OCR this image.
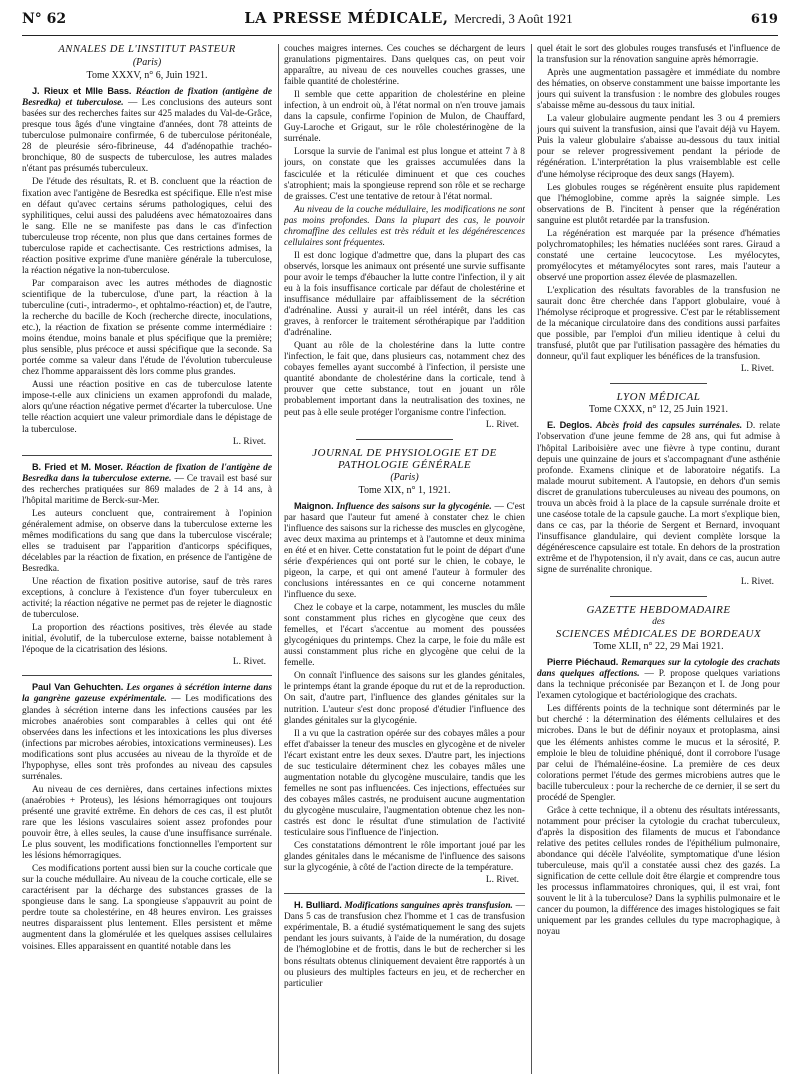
N° 62	LA PRESSE MÉDICALE, Mercredi, 3 Août 1921	619

ANNALES DE L'INSTITUT PASTEUR

(Paris)

Tome XXXV, n° 6, Juin 1921.

J. Rieux et Mlle Bass. Réaction de fixation (antigène de Besredka) et tuberculose. — Les conclusions des auteurs sont basées sur des recherches faites sur 425 malades du Val-de-Grâce, presque tous âgés d'une vingtaine d'années, dont 78 atteints de tuberculose pulmonaire confirmée, 6 de tuberculose péritonéale, 28 de pleurésie séro-fibrineuse, 44 d'adénopathie trachéo-bronchique, 80 de suspects de tuberculose, les autres malades n'étant pas présumés tuberculeux.

De l'étude des résultats, R. et B. concluent que la réaction de fixation avec l'antigène de Besredka est spécifique. Elle n'est mise en défaut qu'avec certains sérums pathologiques, celui des syphilitiques, celui aussi des paludéens avec hématozoaires dans le sang. Elle ne se manifeste pas dans le cas d'infection tuberculeuse trop récente, non plus que dans certaines formes de tuberculose rapide et cachectisante. Ces restrictions admises, la réaction positive exprime d'une manière générale la tuberculose, la réaction négative la non-tuberculose.

Par comparaison avec les autres méthodes de diagnostic scientifique de la tuberculose, d'une part, la réaction à la tuberculine (cuti-, intradermo-, et ophtalmo-réaction) et, de l'autre, la recherche du bacille de Koch (recherche directe, inoculations, etc.), la réaction de fixation se présente comme intermédiaire : moins étendue, moins banale et plus spécifique que la première; plus sensible, plus précoce et aussi spécifique que la seconde. Sa portée comme sa valeur dans l'étude de l'évolution tuberculeuse chez l'homme apparaissent dès lors comme plus grandes.

Aussi une réaction positive en cas de tuberculose latente impose-t-elle aux cliniciens un examen approfondi du malade, alors qu'une réaction négative permet d'écarter la tuberculose. Une telle réaction acquiert une valeur primordiale dans le dépistage de la tuberculose.

L. Rivet.

B. Fried et M. Moser. Réaction de fixation de l'antigène de Besredka dans la tuberculose externe. — Ce travail est basé sur des recherches pratiquées sur 869 malades de 2 à 14 ans, à l'hôpital maritime de Berck-sur-Mer.

Les auteurs concluent que, contrairement à l'opinion généralement admise, on observe dans la tuberculose externe les mêmes modifications du sang que dans la tuberculose viscérale; elles se traduisent par l'apparition d'anticorps spécifiques, décelables par la réaction de fixation, en présence de l'antigène de Besredka.

Une réaction de fixation positive autorise, sauf de très rares exceptions, à conclure à l'existence d'un foyer tuberculeux en activité; la réaction négative ne permet pas de rejeter le diagnostic de tuberculose.

La proportion des réactions positives, très élevée au stade initial, évolutif, de la tuberculose externe, baisse notablement à l'époque de la cicatrisation des lésions.

L. Rivet.

Paul Van Gehuchten. Les organes à sécrétion interne dans la gangrène gazeuse expérimentale. — Les modifications des glandes à sécrétion interne dans les infections causées par les microbes anaérobies sont comparables à celles qui ont été observées dans les infections et les intoxications les plus diverses (infections par microbes aérobies, intoxications vermineuses). Les modifications sont plus accusées au niveau de la thyroïde et de l'hypophyse, elles sont très profondes au niveau des capsules surrénales.

Au niveau de ces dernières, dans certaines infections mixtes (anaérobies + Proteus), les lésions hémorragiques ont toujours présenté une gravité extrême. En dehors de ces cas, il est plutôt rare que les lésions vasculaires soient assez profondes pour pouvoir être, à elles seules, la cause d'une insuffisance surrénale. Le plus souvent, les modifications fonctionnelles l'emportent sur les lésions hémorragiques.

Ces modifications portent aussi bien sur la couche corticale que sur la couche médullaire. Au niveau de la couche corticale, elle se caractérisent par la décharge des substances grasses de la spongieuse dans le sang. La spongieuse s'appauvrit au point de perdre toute sa cholestérine, en 48 heures environ. Les graisses neutres disparaissent plus lentement. Elles persistent et même augmentent dans la glomérulée et les quelques assises cellulaires voisines. Elles apparaissent en quantité notable dans les

couches maigres internes. Ces couches se déchargent de leurs granulations pigmentaires. Dans quelques cas, on peut voir apparaître, au niveau de ces nouvelles couches grasses, une faible quantité de cholestérine.

Il semble que cette apparition de cholestérine en pleine infection, à un endroit où, à l'état normal on n'en trouve jamais dans la capsule, confirme l'opinion de Mulon, de Chauffard, Guy-Laroche et Grigaut, sur le rôle cholestérinogène de la surrénale.

Lorsque la survie de l'animal est plus longue et atteint 7 à 8 jours, on constate que les graisses accumulées dans la fasciculée et la réticulée diminuent et que ces couches s'atrophient; mais la spongieuse reprend son rôle et se recharge de graisses. C'est une tentative de retour à l'état normal.

Au niveau de la couche médullaire, les modifications ne sont pas moins profondes. Dans la plupart des cas, le pouvoir chromaffine des cellules est très réduit et les dégénérescences cellulaires sont fréquentes.

Il est donc logique d'admettre que, dans la plupart des cas observés, lorsque les animaux ont présenté une survie suffisante pour avoir le temps d'ébaucher la lutte contre l'infection, il y ait eu à la fois insuffisance corticale par défaut de cholestérine et insuffisance médullaire par affaiblissement de la sécrétion d'adrénaline. Aussi y aurait-il un réel intérêt, dans les cas graves, à renforcer le traitement sérothérapique par l'addition d'adrénaline.

Quant au rôle de la cholestérine dans la lutte contre l'infection, le fait que, dans plusieurs cas, notamment chez des cobayes femelles ayant succombé à l'infection, il persiste une quantité abondante de cholestérine dans la corticale, tend à prouver que cette substance, tout en jouant un rôle probablement important dans la neutralisation des toxines, ne peut pas à elle seule protéger l'organisme contre l'infection.

L. Rivet.

JOURNAL DE PHYSIOLOGIE ET DE PATHOLOGIE GÉNÉRALE

(Paris)

Tome XIX, n° 1, 1921.

Maignon. Influence des saisons sur la glycogénie. — C'est par hasard que l'auteur fut amené à constater chez le chien l'influence des saisons sur la richesse des muscles en glycogène, avec deux maxima au printemps et à l'automne et deux minima en été et en hiver. Cette constatation fut le point de départ d'une série d'expériences qui ont porté sur le chien, le cobaye, le pigeon, la carpe, et qui ont amené l'auteur à formuler des conclusions intéressantes en ce qui concerne notamment l'influence du sexe.

Chez le cobaye et la carpe, notamment, les muscles du mâle sont constamment plus riches en glycogène que ceux des femelles, et l'écart s'accentue au moment des poussées glycogéniques du printemps. Chez la carpe, le foie du mâle est aussi constamment plus riche en glycogène que celui de la femelle.

On connaît l'influence des saisons sur les glandes génitales, le printemps étant la grande époque du rut et de la reproduction. On sait, d'autre part, l'influence des glandes génitales sur la nutrition. L'auteur s'est donc proposé d'étudier l'influence des glandes génitales sur la glycogénie.

Il a vu que la castration opérée sur des cobayes mâles a pour effet d'abaisser la teneur des muscles en glycogène et de niveler l'écart existant entre les deux sexes. D'autre part, les injections de suc testiculaire déterminent chez les cobayes mâles une augmentation notable du glycogène musculaire, tandis que les femelles ne sont pas influencées. Ces injections, effectuées sur des cobayes mâles castrés, ne produisent aucune augmentation du glycogène musculaire, l'augmentation obtenue chez les non-castrés est donc le résultat d'une stimulation de l'activité testiculaire sous l'influence de l'injection.

Ces constatations démontrent le rôle important joué par les glandes génitales dans le mécanisme de l'influence des saisons sur la glycogénie, à côté de l'action directe de la température.

L. Rivet.

H. Bulliard. Modifications sanguines après transfusion. — Dans 5 cas de transfusion chez l'homme et 1 cas de transfusion expérimentale, B. a étudié systématiquement le sang des sujets pendant les jours suivants, à l'aide de la numération, du dosage de l'hémoglobine et de frottis, dans le but de rechercher si les bons résultats obtenus cliniquement devaient être rapportés à un ou plusieurs des multiples facteurs en jeu, et de rechercher en particulier

quel était le sort des globules rouges transfusés et l'influence de la transfusion sur la rénovation sanguine après hémorragie.

Après une augmentation passagère et immédiate du nombre des hématies, on observe constamment une baisse importante les jours qui suivent la transfusion : le nombre des globules rouges s'abaisse même au-dessous du taux initial.

La valeur globulaire augmente pendant les 3 ou 4 premiers jours qui suivent la transfusion, ainsi que l'avait déjà vu Hayem. Puis la valeur globulaire s'abaisse au-dessous du taux initial pour se relever progressivement pendant la période de régénération. L'interprétation la plus vraisemblable est celle d'une hémolyse réciproque des deux sangs (Hayem).

Les globules rouges se régénèrent ensuite plus rapidement que l'hémoglobine, comme après la saignée simple. Les observations de B. l'incitent à penser que la régénération sanguine est plutôt retardée par la transfusion.

La régénération est marquée par la présence d'hématies polychromatophiles; les hématies nucléées sont rares. Giraud a constaté une certaine leucocytose. Les myélocytes, promyélocytes et métamyélocytes sont rares, mais l'auteur a observé une proportion assez élevée de plasmazellen.

L'explication des résultats favorables de la transfusion ne saurait donc être cherchée dans l'apport globulaire, voué à l'hémolyse réciproque et progressive. C'est par le rétablissement de la mécanique circulatoire dans des conditions aussi parfaites que possible, par l'emploi d'un milieu identique à celui du transfusé, plutôt que par l'utilisation passagère des hématies du donneur, qu'il faut expliquer les bénéfices de la transfusion.

L. Rivet.

LYON MÉDICAL

Tome CXXX, n° 12, 25 Juin 1921.

E. Deglos. Abcès froid des capsules surrénales. D. relate l'observation d'une jeune femme de 28 ans, qui fut admise à l'hôpital Lariboisière avec une fièvre à type continu, durant depuis une quinzaine de jours et s'accompagnant d'une asthénie profonde. Examens clinique et de laboratoire négatifs. La malade mourut subitement. A l'autopsie, en dehors d'un semis discret de granulations tuberculeuses au niveau des poumons, on trouva un abcès froid à la place de la capsule surrénale droite et une caséose totale de la capsule gauche. La mort s'explique bien, dans ce cas, par la théorie de Sergent et Bernard, invoquant l'insuffisance glandulaire, qui devient complète lorsque la dégénérescence capsulaire est totale. En dehors de la prostration extrême et de l'hypotension, il n'y avait, dans ce cas, aucun autre signe de surrénalite chronique.

L. Rivet.

GAZETTE HEBDOMADAIRE

des

SCIENCES MÉDICALES DE BORDEAUX

Tome XLII, n° 22, 29 Mai 1921.

Pierre Piéchaud. Remarques sur la cytologie des crachats dans quelques affections. — P. propose quelques variations dans la technique préconisée par Bezançon et I. de Jong pour l'examen cytologique et bactériologique des crachats.

Les différents points de la technique sont déterminés par le but cherché : la détermination des éléments cellulaires et des microbes. Dans le but de définir noyaux et protoplasma, ainsi que les éléments anhistes comme le mucus et la sérosité, P. emploie le bleu de toluidine phéniqué, dont il corrobore l'usage par celui de l'hémaléine-éosine. La première de ces deux colorations permet l'étude des germes microbiens autres que le bacille tuberculeux : pour la recherche de ce dernier, il se sert du procédé de Spengler.

Grâce à cette technique, il a obtenu des résultats intéressants, notamment pour préciser la cytologie du crachat tuberculeux, d'après la disposition des filaments de mucus et l'abondance relative des petites cellules rondes de l'épithélium pulmonaire, abondance qui décèle l'alvéolite, symptomatique d'une lésion tuberculeuse, mais qu'il a constatée aussi chez des gazés. La signification de cette cellule doit être élargie et comprendre tous les processus inflammatoires chroniques, qui, il est vrai, font souvent le lit à la tuberculose? Dans la syphilis pulmonaire et le cancer du poumon, la différence des images histologiques se fait uniquement par les grandes cellules du type macrophagique, à noyau
